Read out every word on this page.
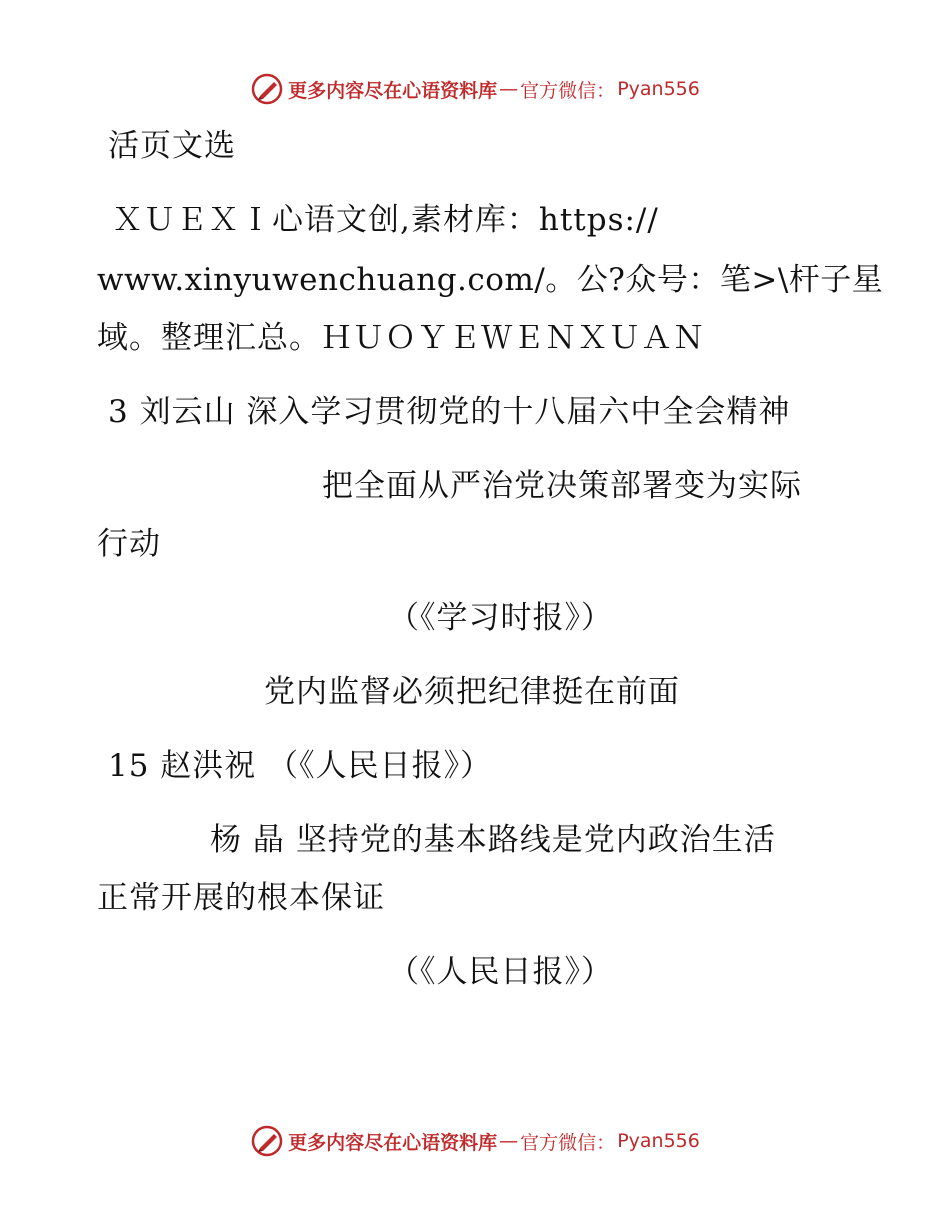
更多内容尽在心语资料库 — 官方微信： Pyan556
活页文选
ＸＵＥＸＩ心语文创,素材库：https://
www.xinyuwenchuang.com/。公?众号：笔>\杆子星
域。整理汇总。ＨＵＯＹＥＷＥＮＸＵＡＮ
3 刘云山 深入学习贯彻党的十八届六中全会精神
把全面从严治党决策部署变为实际
行动
（《学习时报》）
党内监督必须把纪律挺在前面
15 赵洪祝 （《人民日报》）
杨 晶 坚持党的基本路线是党内政治生活
正常开展的根本保证
（《人民日报》）
更多内容尽在心语资料库 — 官方微信： Pyan556
